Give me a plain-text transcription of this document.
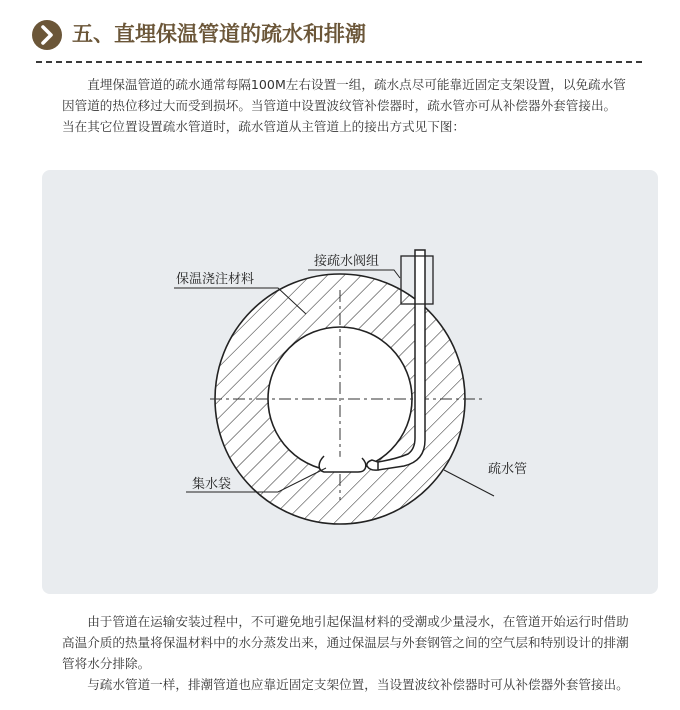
五、直埋保温管道的疏水和排潮

直埋保温管道的疏水通常每隔100M左右设置一组，疏水点尽可能靠近固定支架设置，以免疏水管

因管道的热位移过大而受到损坏。当管道中设置波纹管补偿器时，疏水管亦可从补偿器外套管接出。

当在其它位置设置疏水管道时，疏水管道从主管道上的接出方式见下图：

接疏水阀组
保温浇注材料
疏水管
集水袋

由于管道在运输安装过程中，不可避免地引起保温材料的受潮或少量浸水，在管道开始运行时借助高温介质的热量将保温材料中的水分蒸发出来，通过保温层与外套钢管之间的空气层和特别设计的排潮管将水分排除。

与疏水管道一样，排潮管道也应靠近固定支架位置，当设置波纹补偿器时可从补偿器外套管接出。
